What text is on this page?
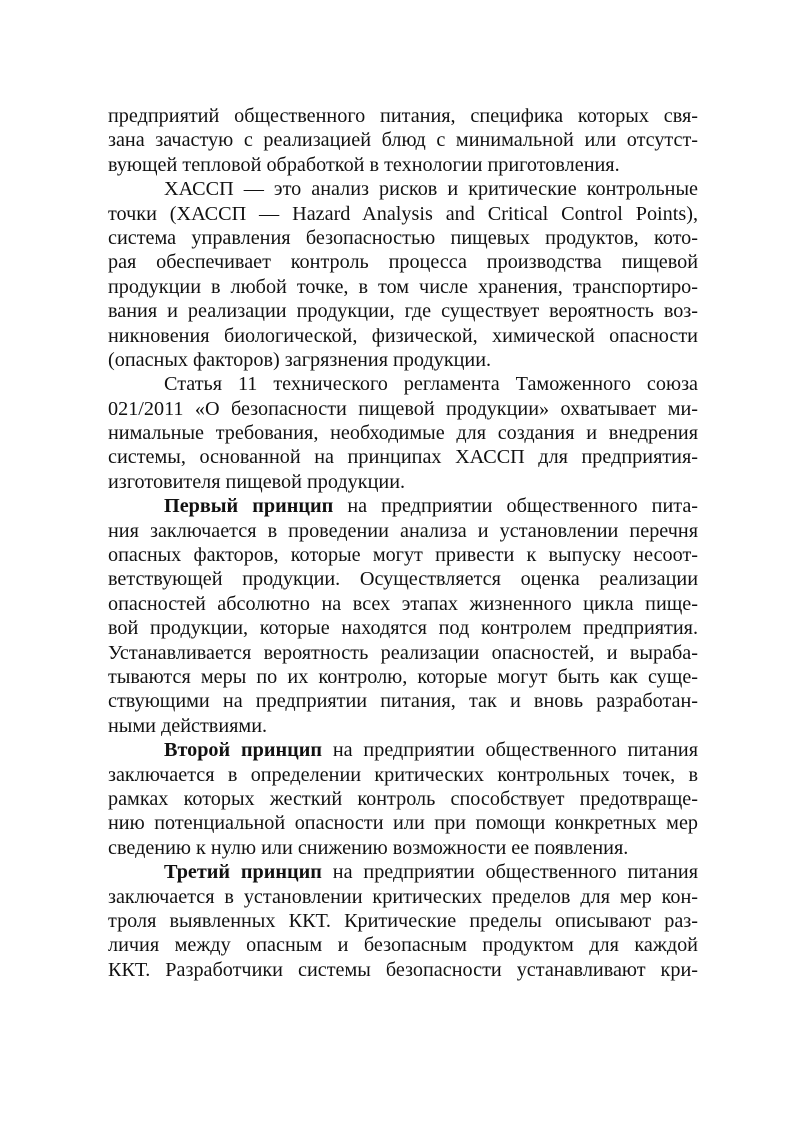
предприятий общественного питания, специфика которых свя-
зана зачастую с реализацией блюд с минимальной или отсутст-
вующей тепловой обработкой в технологии приготовления.
ХАССП — это анализ рисков и критические контрольные
точки (ХАССП — Hazard Analysis and Critical Control Points),
система управления безопасностью пищевых продуктов, кото-
рая обеспечивает контроль процесса производства пищевой
продукции в любой точке, в том числе хранения, транспортиро-
вания и реализации продукции, где существует вероятность воз-
никновения биологической, физической, химической опасности
(опасных факторов) загрязнения продукции.
Статья 11 технического регламента Таможенного союза
021/2011 «О безопасности пищевой продукции» охватывает ми-
нимальные требования, необходимые для создания и внедрения
системы, основанной на принципах ХАССП для предприятия-
изготовителя пищевой продукции.
Первый принцип на предприятии общественного пита-
ния заключается в проведении анализа и установлении перечня
опасных факторов, которые могут привести к выпуску несоот-
ветствующей продукции. Осуществляется оценка реализации
опасностей абсолютно на всех этапах жизненного цикла пище-
вой продукции, которые находятся под контролем предприятия.
Устанавливается вероятность реализации опасностей, и выраба-
тываются меры по их контролю, которые могут быть как суще-
ствующими на предприятии питания, так и вновь разработан-
ными действиями.
Второй принцип на предприятии общественного питания
заключается в определении критических контрольных точек, в
рамках которых жесткий контроль способствует предотвраще-
нию потенциальной опасности или при помощи конкретных мер
сведению к нулю или снижению возможности ее появления.
Третий принцип на предприятии общественного питания
заключается в установлении критических пределов для мер кон-
троля выявленных ККТ. Критические пределы описывают раз-
личия между опасным и безопасным продуктом для каждой
ККТ. Разработчики системы безопасности устанавливают кри-
